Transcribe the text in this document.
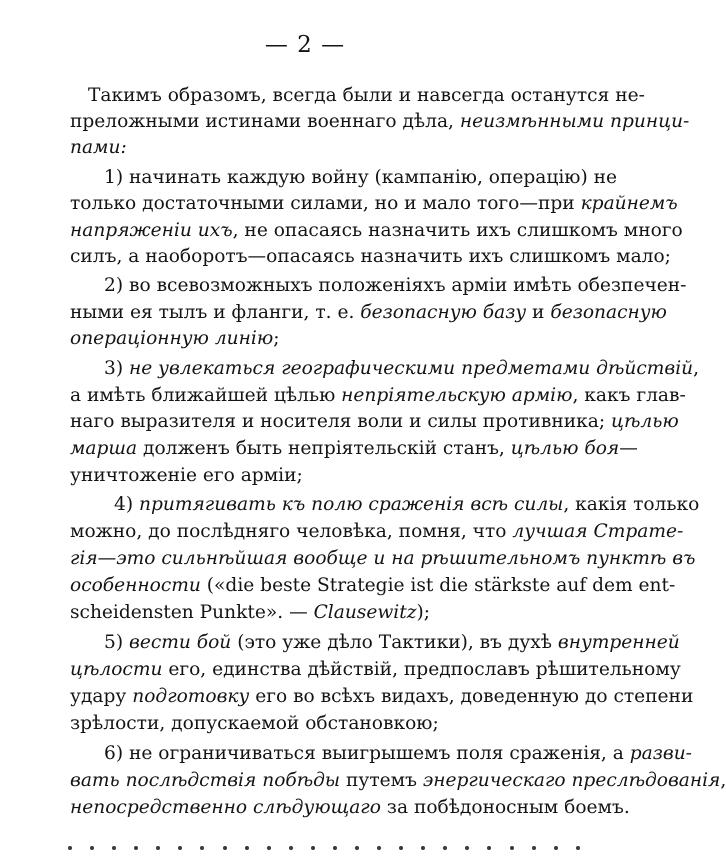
— 2 —
Такимъ образомъ, всегда были и навсегда останутся не-
преложными истинами военнаго дѣла, неизмѣнными принци-
пами:
1) начинать каждую войну (кампанію, операцію) не
только достаточными силами, но и мало того—при крайнемъ
напряженіи ихъ, не опасаясь назначить ихъ слишкомъ много
силъ, а наоборотъ—опасаясь назначить ихъ слишкомъ мало;
2) во всевозможныхъ положеніяхъ арміи имѣть обезпечен-
ными ея тылъ и фланги, т. е. безопасную базу и безопасную
операціонную линію;
3) не увлекаться географическими предметами дѣйствій,
а имѣть ближайшей цѣлью непріятельскую армію, какъ глав-
наго выразителя и носителя воли и силы противника; цѣлью
марша долженъ быть непріятельскій станъ, цѣлью боя—
уничтоженіе его арміи;
4) притягивать къ полю сраженія всѣ силы, какія только
можно, до послѣдняго человѣка, помня, что лучшая Страте-
гія—это сильнѣйшая вообще и на рѣшительномъ пунктѣ въ
особенности («die beste Strategie ist die stärkste auf dem ent-
scheidensten Punkte». — Clausewitz);
5) вести бой (это уже дѣло Тактики), въ духѣ внутренней
цѣлости его, единства дѣйствій, предпославъ рѣшительному
удару подготовку его во всѣхъ видахъ, доведенную до степени
зрѣлости, допускаемой обстановкою;
6) не ограничиваться выигрышемъ поля сраженія, а разви-
вать послѣдствія побѣды путемъ энергическаго преслѣдованія,
непосредственно слѣдующаго за побѣдоносным боемъ.
